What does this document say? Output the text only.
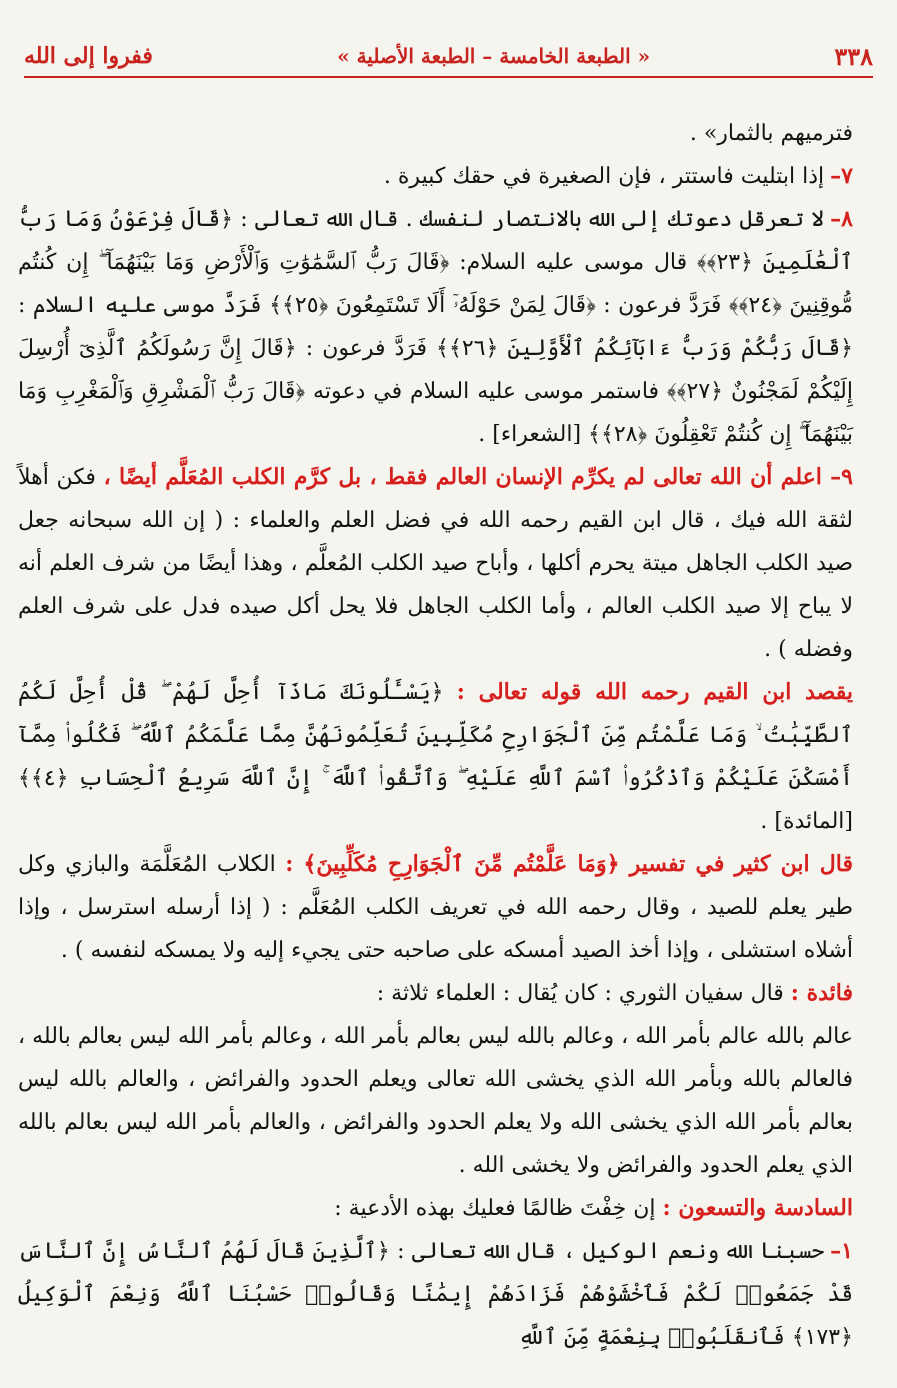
٣٣٨
« الطبعة الخامسة – الطبعة الأصلية »
ففروا إلى الله

فترميهم بالثمار» .

٧–إذا ابتليت فاستتر ، فإن الصغيرة في حقك كبيرة .

٨–لا تعرقل دعوتك إلى الله بالانتصار لنفسك . قال الله تعالى : ﴿قَالَ فِرْعَوْنُ وَمَا رَبُّ ٱلْعَٰلَمِينَ ﴿٢٣﴾﴾ قال موسى عليه السلام: ﴿قَالَ رَبُّ ٱلسَّمَٰوَٰتِ وَٱلْأَرْضِ وَمَا بَيْنَهُمَآ ۖ إِن كُنتُم مُّوقِنِينَ ﴿٢٤﴾﴾ فَرَدَّ فرعون : ﴿قَالَ لِمَنْ حَوْلَهُۥٓ أَلَا تَسْتَمِعُونَ ﴿٢٥﴾﴾ فَرَدَّ موسى عليه السلام : ﴿قَالَ رَبُّكُمْ وَرَبُّ ءَابَآئِكُمُ ٱلْأَوَّلِينَ ﴿٢٦﴾﴾ فَرَدَّ فرعون : ﴿قَالَ إِنَّ رَسُولَكُمُ ٱلَّذِىٓ أُرْسِلَ إِلَيْكُمْ لَمَجْنُونٌ ﴿٢٧﴾﴾ فاستمر موسى عليه السلام في دعوته ﴿قَالَ رَبُّ ٱلْمَشْرِقِ وَٱلْمَغْرِبِ وَمَا بَيْنَهُمَآ ۖ إِن كُنتُمْ تَعْقِلُونَ ﴿٢٨﴾﴾ [الشعراء] .

٩– اعلم أن الله تعالى لم يكرِّم الإنسان العالم فقط ، بل كرَّم الكلب المُعَلَّم أيضًا ، فكن أهلاً لثقة الله فيك ، قال ابن القيم رحمه الله في فضل العلم والعلماء : ( إن الله سبحانه جعل صيد الكلب الجاهل ميتة يحرم أكلها ، وأباح صيد الكلب المُعلَّم ، وهذا أيضًا من شرف العلم أنه لا يباح إلا صيد الكلب العالم ، وأما الكلب الجاهل فلا يحل أكل صيده فدل على شرف العلم وفضله ) .

يقصد ابن القيم رحمه الله قوله تعالى : ﴿يَسْـَٔلُونَكَ مَاذَآ أُحِلَّ لَهُمْ ۖ قُلْ أُحِلَّ لَكُمُ ٱلطَّيِّبَٰتُ ۙ وَمَا عَلَّمْتُم مِّنَ ٱلْجَوَارِحِ مُكَلِّبِينَ تُعَلِّمُونَهُنَّ مِمَّا عَلَّمَكُمُ ٱللَّهُ ۖ فَكُلُوا۟ مِمَّآ أَمْسَكْنَ عَلَيْكُمْ وَٱذْكُرُوا۟ ٱسْمَ ٱللَّهِ عَلَيْهِ ۖ وَٱتَّقُوا۟ ٱللَّهَ ۚ إِنَّ ٱللَّهَ سَرِيعُ ٱلْحِسَابِ ﴿٤﴾﴾ [المائدة] .

قال ابن كثير في تفسير ﴿وَمَا عَلَّمْتُم مِّنَ ٱلْجَوَارِحِ مُكَلِّبِينَ﴾ : الكلاب المُعَلَّمَة والبازي وكل طير يعلم للصيد ، وقال رحمه الله في تعريف الكلب المُعَلَّم : ( إذا أرسله استرسل ، وإذا أشلاه استشلى ، وإذا أخذ الصيد أمسكه على صاحبه حتى يجيء إليه ولا يمسكه لنفسه ) .

فائدة : قال سفيان الثوري : كان يُقال : العلماء ثلاثة :

عالم بالله عالم بأمر الله ، وعالم بالله ليس بعالم بأمر الله ، وعالم بأمر الله ليس بعالم بالله ، فالعالم بالله وبأمر الله الذي يخشى الله تعالى ويعلم الحدود والفرائض ، والعالم بالله ليس بعالم بأمر الله الذي يخشى الله ولا يعلم الحدود والفرائض ، والعالم بأمر الله ليس بعالم بالله الذي يعلم الحدود والفرائض ولا يخشى الله .

السادسة والتسعون : إن خِفْتَ ظالمًا فعليك بهذه الأدعية :

١–حسبنا الله ونعم الوكيل ، قال الله تعالى : ﴿ٱلَّذِينَ قَالَ لَهُمُ ٱلنَّاسُ إِنَّ ٱلنَّاسَ قَدْ جَمَعُوا۟ لَكُمْ فَٱخْشَوْهُمْ فَزَادَهُمْ إِيمَٰنًا وَقَالُوا۟ حَسْبُنَا ٱللَّهُ وَنِعْمَ ٱلْوَكِيلُ ﴿١٧٣﴾ فَٱنقَلَبُوا۟ بِنِعْمَةٍ مِّنَ ٱللَّهِ
